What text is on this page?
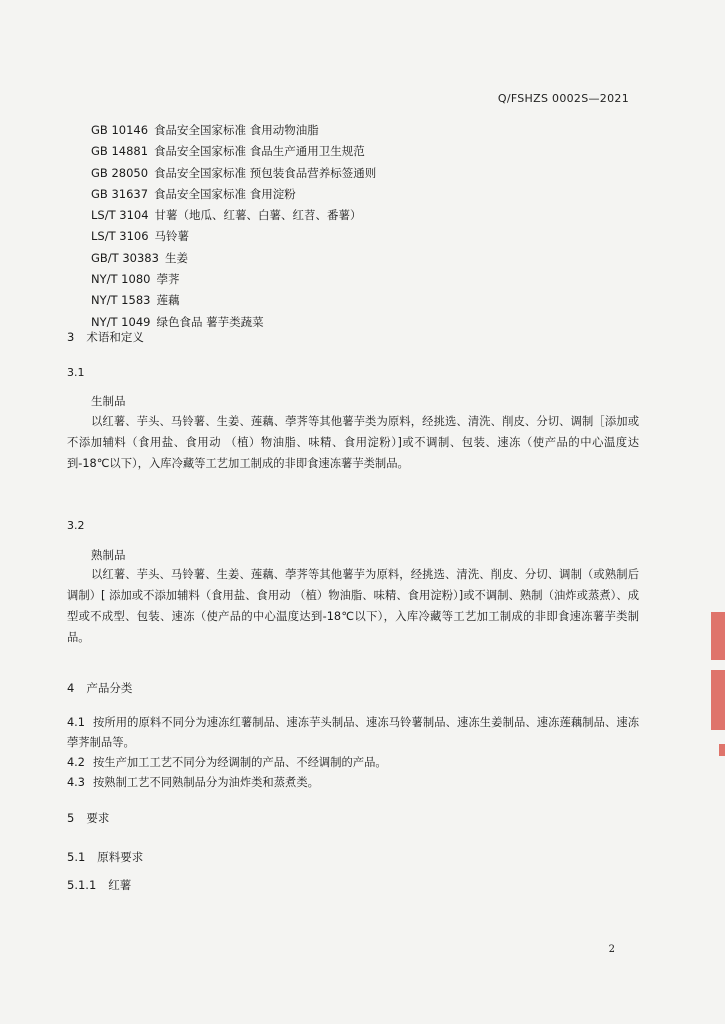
Q/FSHZS 0002S—2021
GB 10146 食品安全国家标准 食用动物油脂
GB 14881 食品安全国家标准 食品生产通用卫生规范
GB 28050 食品安全国家标准 预包装食品营养标签通则
GB 31637 食品安全国家标准 食用淀粉
LS/T 3104 甘薯（地瓜、红薯、白薯、红苕、番薯）
LS/T 3106 马铃薯
GB/T 30383 生姜
NY/T 1080 荸荠
NY/T 1583 莲藕
NY/T 1049 绿色食品 薯芋类蔬菜
3 术语和定义
3.1
生制品
以红薯、芋头、马铃薯、生姜、莲藕、荸荠等其他薯芋类为原料，经挑选、清洗、削皮、分切、调制［添加或不添加辅料（食用盐、食用动 （植）物油脂、味精、食用淀粉）]或不调制、包装、速冻（使产品的中心温度达到-18℃以下），入库冷藏等工艺加工制成的非即食速冻薯芋类制品。
3.2
熟制品
以红薯、芋头、马铃薯、生姜、莲藕、荸荠等其他薯芋为原料，经挑选、清洗、削皮、分切、调制（或熟制后调制）[ 添加或不添加辅料（食用盐、食用动 （植）物油脂、味精、食用淀粉）]或不调制、熟制（油炸或蒸煮）、成型或不成型、包装、速冻（使产品的中心温度达到-18℃以下），入库冷藏等工艺加工制成的非即食速冻薯芋类制品。
4 产品分类
4.1 按所用的原料不同分为速冻红薯制品、速冻芋头制品、速冻马铃薯制品、速冻生姜制品、速冻莲藕制品、速冻荸荠制品等。
4.2 按生产加工工艺不同分为经调制的产品、不经调制的产品。
4.3 按熟制工艺不同熟制品分为油炸类和蒸煮类。
5 要求
5.1 原料要求
5.1.1 红薯
2
